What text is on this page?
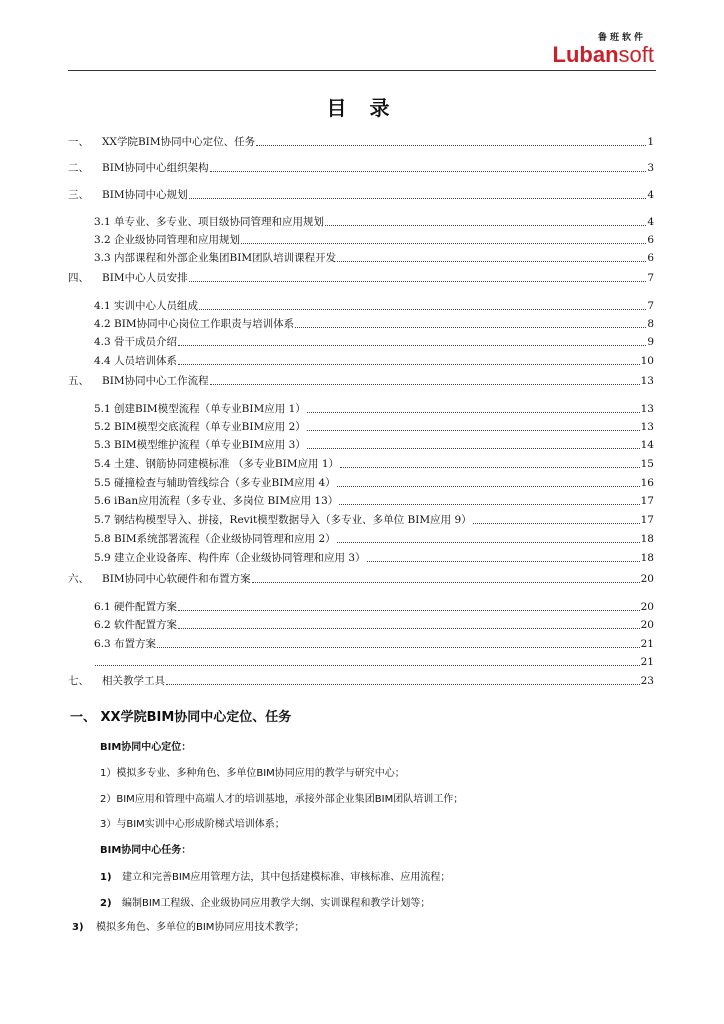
鲁班软件
Lubansoft
目 录
一、	XX学院BIM协同中心定位、任务	1
二、	BIM协同中心组织架构	3
三、	BIM协同中心规划	4
3.1 单专业、多专业、项目级协同管理和应用规划	4
3.2 企业级协同管理和应用规划	6
3.3 内部课程和外部企业集团BIM团队培训课程开发	6
四、	BIM中心人员安排	7
4.1 实训中心人员组成	7
4.2 BIM协同中心岗位工作职责与培训体系	8
4.3 骨干成员介绍	9
4.4 人员培训体系	10
五、	BIM协同中心工作流程	13
5.1 创建BIM模型流程（单专业BIM应用 1）	13
5.2 BIM模型交底流程（单专业BIM应用 2）	13
5.3 BIM模型维护流程（单专业BIM应用 3）	14
5.4 土建、钢筋协同建模标准 （多专业BIM应用 1）	15
5.5 碰撞检查与辅助管线综合（多专业BIM应用 4）	16
5.6 iBan应用流程（多专业、多岗位 BIM应用 13）	17
5.7 钢结构模型导入、拼接，Revit模型数据导入（多专业、多单位 BIM应用 9）	17
5.8 BIM系统部署流程（企业级协同管理和应用 2）	18
5.9 建立企业设备库、构件库（企业级协同管理和应用 3）	18
六、	BIM协同中心软硬件和布置方案	20
6.1 硬件配置方案	20
6.2 软件配置方案	20
6.3 布置方案	21
21
七、	相关教学工具	23
一、 XX学院BIM协同中心定位、任务
BIM协同中心定位：
1）模拟多专业、多种角色、多单位BIM协同应用的教学与研究中心；
2）BIM应用和管理中高端人才的培训基地，承接外部企业集团BIM团队培训工作；
3）与BIM实训中心形成阶梯式培训体系；
BIM协同中心任务：
1) 建立和完善BIM应用管理方法，其中包括建模标准、审核标准、应用流程；
2) 编制BIM工程级、企业级协同应用教学大纲、实训课程和教学计划等；
3) 模拟多角色、多单位的BIM协同应用技术教学；
